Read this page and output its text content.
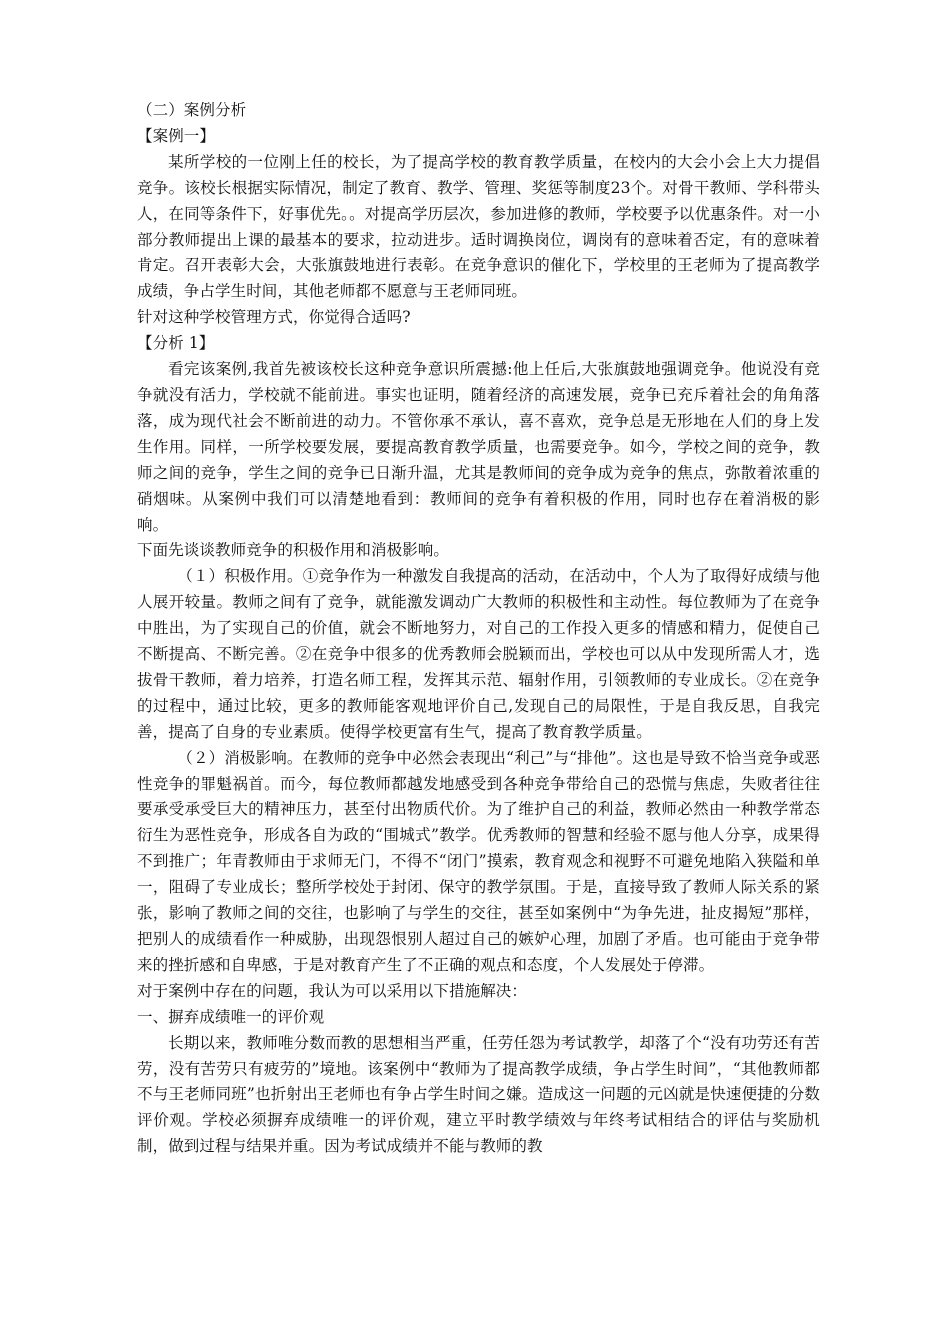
（二）案例分析
【案例一】

某所学校的一位刚上任的校长，为了提高学校的教育教学质量，在校内的大会小会上大力提倡竞争。该校长根据实际情况，制定了教育、教学、管理、奖惩等制度23个。对骨干教师、学科带头人，在同等条件下，好事优先。。对提高学历层次，参加进修的教师，学校要予以优惠条件。对一小部分教师提出上课的最基本的要求，拉动进步。适时调换岗位，调岗有的意味着否定，有的意味着肯定。召开表彰大会，大张旗鼓地进行表彰。在竞争意识的催化下，学校里的王老师为了提高教学成绩，争占学生时间，其他老师都不愿意与王老师同班。

针对这种学校管理方式，你觉得合适吗?
【分析 1】

看完该案例,我首先被该校长这种竞争意识所震撼:他上任后,大张旗鼓地强调竞争。他说没有竞争就没有活力，学校就不能前进。事实也证明，随着经济的高速发展，竞争已充斥着社会的角角落落，成为现代社会不断前进的动力。不管你承不承认，喜不喜欢，竞争总是无形地在人们的身上发生作用。同样，一所学校要发展，要提高教育教学质量，也需要竞争。如今，学校之间的竞争，教师之间的竞争，学生之间的竞争已日渐升温，尤其是教师间的竞争成为竞争的焦点，弥散着浓重的硝烟味。从案例中我们可以清楚地看到：教师间的竞争有着积极的作用，同时也存在着消极的影响。

下面先谈谈教师竞争的积极作用和消极影响。

（１）积极作用。①竞争作为一种激发自我提高的活动，在活动中，个人为了取得好成绩与他人展开较量。教师之间有了竞争，就能激发调动广大教师的积极性和主动性。每位教师为了在竞争中胜出，为了实现自己的价值，就会不断地努力，对自己的工作投入更多的情感和精力，促使自己不断提高、不断完善。②在竞争中很多的优秀教师会脱颖而出，学校也可以从中发现所需人才，选拔骨干教师，着力培养，打造名师工程，发挥其示范、辐射作用，引领教师的专业成长。②在竞争的过程中，通过比较，更多的教师能客观地评价自己,发现自己的局限性，于是自我反思，自我完善，提高了自身的专业素质。使得学校更富有生气，提高了教育教学质量。

（２）消极影响。在教师的竞争中必然会表现出“利己”与“排他”。这也是导致不恰当竞争或恶性竞争的罪魁祸首。而今，每位教师都越发地感受到各种竞争带给自己的恐慌与焦虑，失败者往往要承受承受巨大的精神压力，甚至付出物质代价。为了维护自己的利益，教师必然由一种教学常态衍生为恶性竞争，形成各自为政的“围城式”教学。优秀教师的智慧和经验不愿与他人分享，成果得不到推广；年青教师由于求师无门，不得不“闭门”摸索，教育观念和视野不可避免地陷入狭隘和单一，阻碍了专业成长；整所学校处于封闭、保守的教学氛围。于是，直接导致了教师人际关系的紧张，影响了教师之间的交往，也影响了与学生的交往，甚至如案例中“为争先进，扯皮揭短”那样，把别人的成绩看作一种威胁，出现怨恨别人超过自己的嫉妒心理，加剧了矛盾。也可能由于竞争带来的挫折感和自卑感，于是对教育产生了不正确的观点和态度，个人发展处于停滞。

对于案例中存在的问题，我认为可以采用以下措施解决：
一、摒弃成绩唯一的评价观

长期以来，教师唯分数而教的思想相当严重，任劳任怨为考试教学，却落了个“没有功劳还有苦劳，没有苦劳只有疲劳的”境地。该案例中“教师为了提高教学成绩，争占学生时间”，“其他教师都不与王老师同班”也折射出王老师也有争占学生时间之嫌。造成这一问题的元凶就是快速便捷的分数评价观。学校必须摒弃成绩唯一的评价观，建立平时教学绩效与年终考试相结合的评估与奖励机制，做到过程与结果并重。因为考试成绩并不能与教师的教
